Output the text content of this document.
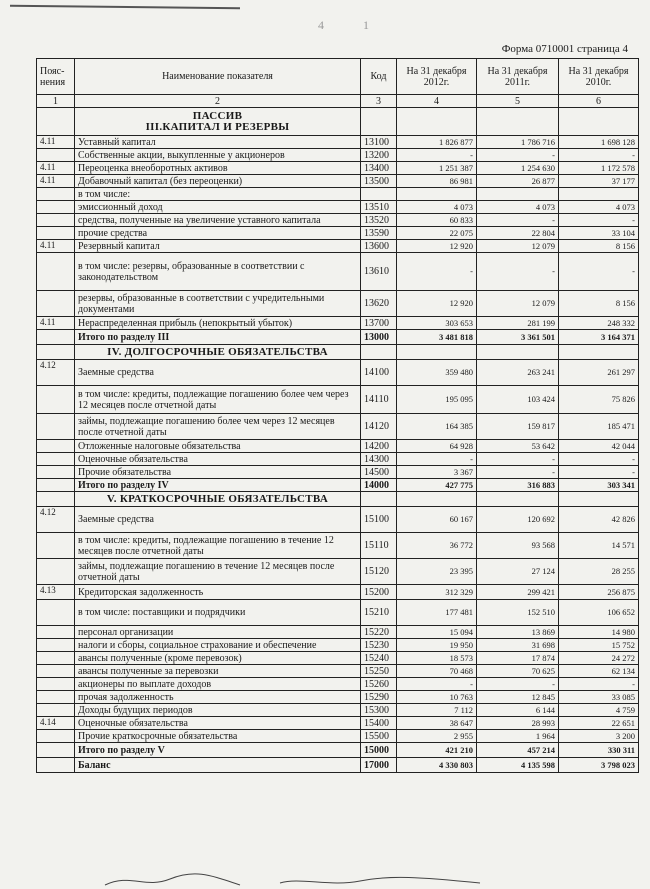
4 1
Форма 0710001 страница 4
Пояс-нения	Наименование показателя	Код	На 31 декабря 2012г.	На 31 декабря 2011г.	На 31 декабря 2010г.
1	2	3	4	5	6

	ПАССИВ
III.КАПИТАЛ И РЕЗЕРВЫ				

4.11	Уставный капитал	13100	1 826 877	1 786 716	1 698 128
	Собственные акции, выкупленные у акционеров	13200	-	-	-
4.11	Переоценка внеоборотных активов	13400	1 251 387	1 254 630	1 172 578
4.11	Добавочный капитал (без переоценки)	13500	86 981	26 877	37 177
	в том числе:				
	эмиссионный доход	13510	4 073	4 073	4 073
	средства, полученные на увеличение уставного капитала	13520	60 833	-	-
	прочие средства	13590	22 075	22 804	33 104
4.11	Резервный капитал	13600	12 920	12 079	8 156
	в том числе: резервы, образованные в соответствии с законодательством	13610	-	-	-
	резервы, образованные в соответствии с учредительными документами	13620	12 920	12 079	8 156
4.11	Нераспределенная прибыль (непокрытый убыток)	13700	303 653	281 199	248 332
	Итого по разделу III	13000	3 481 818	3 361 501	3 164 371
	IV. ДОЛГОСРОЧНЫЕ ОБЯЗАТЕЛЬСТВА				
4.12	Заемные средства	14100	359 480	263 241	261 297
	в том числе: кредиты, подлежащие погашению более чем через 12 месяцев после отчетной даты	14110	195 095	103 424	75 826
	займы, подлежащие погашению более чем через 12 месяцев после отчетной даты	14120	164 385	159 817	185 471
	Отложенные налоговые обязательства	14200	64 928	53 642	42 044
	Оценочные обязательства	14300	-	-	-
	Прочие обязательства	14500	3 367	-	-
	Итого по разделу IV	14000	427 775	316 883	303 341
	V. КРАТКОСРОЧНЫЕ ОБЯЗАТЕЛЬСТВА				
4.12	Заемные средства	15100	60 167	120 692	42 826
	в том числе: кредиты, подлежащие погашению в течение 12 месяцев после отчетной даты	15110	36 772	93 568	14 571
	займы, подлежащие погашению в течение 12 месяцев после отчетной даты	15120	23 395	27 124	28 255
4.13	Кредиторская задолженность	15200	312 329	299 421	256 875
	в том числе: поставщики и подрядчики	15210	177 481	152 510	106 652
	персонал организации	15220	15 094	13 869	14 980
	налоги и сборы, социальное страхование и обеспечение	15230	19 950	31 698	15 752
	авансы полученные (кроме перевозок)	15240	18 573	17 874	24 272
	авансы полученные за перевозки	15250	70 468	70 625	62 134
	акционеры по выплате доходов	15260	-	-	-
	прочая задолженность	15290	10 763	12 845	33 085
	Доходы будущих периодов	15300	7 112	6 144	4 759
4.14	Оценочные обязательства	15400	38 647	28 993	22 651
	Прочие краткосрочные обязательства	15500	2 955	1 964	3 200
	Итого по разделу V	15000	421 210	457 214	330 311
	Баланс	17000	4 330 803	4 135 598	3 798 023
